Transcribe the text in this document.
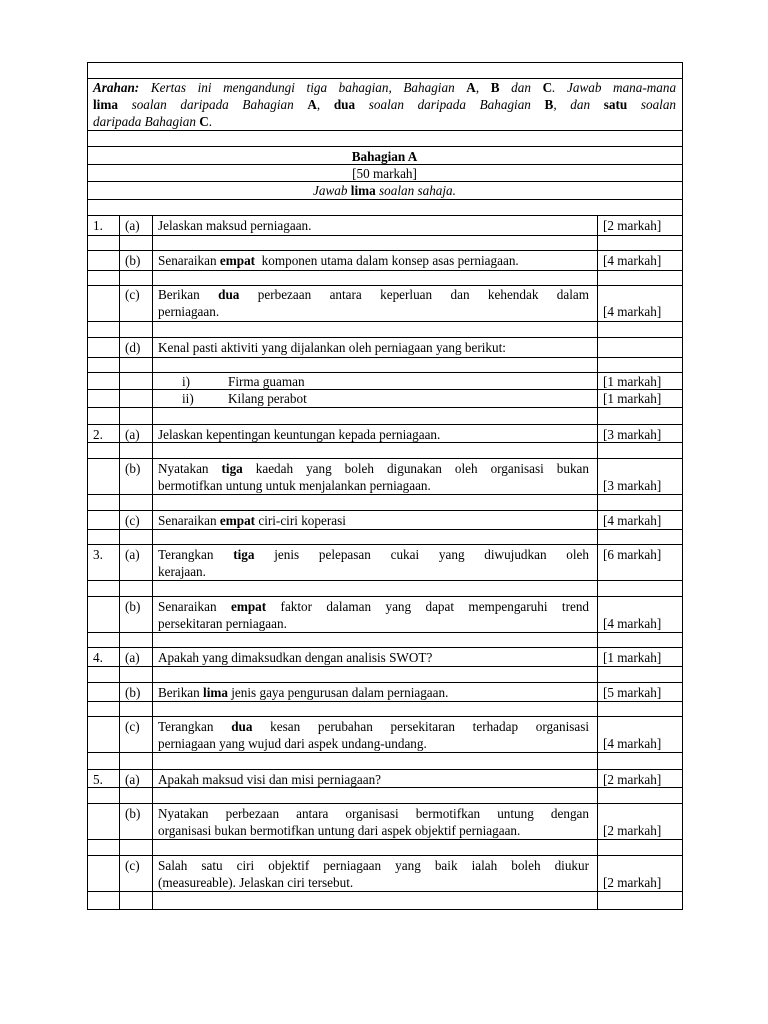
Arahan: Kertas ini mengandungi tiga bahagian, Bahagian A, B dan C. Jawab mana-mana
lima soalan daripada Bahagian A, dua soalan daripada Bahagian B, dan satu soalan
daripada Bahagian C.
Bahagian A
[50 markah]
Jawab lima soalan sahaja.
1. (a) Jelaskan maksud perniagaan.	[2 markah]
(b) Senaraikan empat komponen utama dalam konsep asas perniagaan.	[4 markah]
(c) Berikan dua perbezaan antara keperluan dan kehendak dalam
perniagaan.	[4 markah]
(d) Kenal pasti aktiviti yang dijalankan oleh perniagaan yang berikut:
i)	Firma guaman	[1 markah]
ii)	Kilang perabot	[1 markah]
2. (a) Jelaskan kepentingan keuntungan kepada perniagaan.	[3 markah]
(b) Nyatakan tiga kaedah yang boleh digunakan oleh organisasi bukan
bermotifkan untung untuk menjalankan perniagaan.	[3 markah]
(c) Senaraikan empat ciri-ciri koperasi	[4 markah]
3. (a) Terangkan tiga jenis pelepasan cukai yang diwujudkan oleh
kerajaan.
[6 markah]
(b) Senaraikan empat faktor dalaman yang dapat mempengaruhi trend
persekitaran perniagaan.	[4 markah]
4. (a) Apakah yang dimaksudkan dengan analisis SWOT?	[1 markah]
(b) Berikan lima jenis gaya pengurusan dalam perniagaan.	[5 markah]
(c) Terangkan dua kesan perubahan persekitaran terhadap organisasi
perniagaan yang wujud dari aspek undang-undang.	[4 markah]
5. (a) Apakah maksud visi dan misi perniagaan?	[2 markah]
(b) Nyatakan perbezaan antara organisasi bermotifkan untung dengan
organisasi bukan bermotifkan untung dari aspek objektif perniagaan.	[2 markah]
(c) Salah satu ciri objektif perniagaan yang baik ialah boleh diukur
(measureable). Jelaskan ciri tersebut.	[2 markah]
